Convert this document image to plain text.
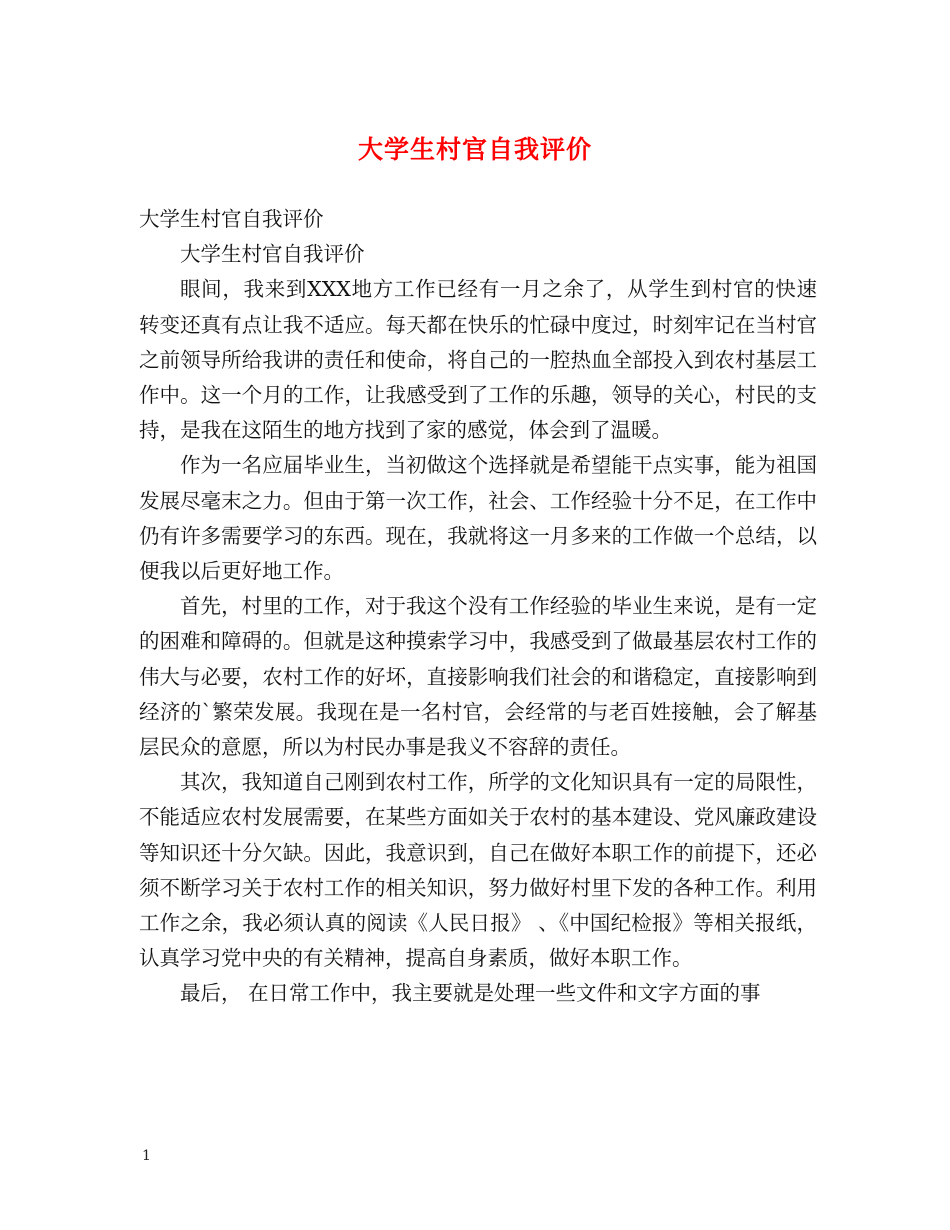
大学生村官自我评价

大学生村官自我评价

大学生村官自我评价

眼间，我来到XXX地方工作已经有一月之余了，从学生到村官的快速转变还真有点让我不适应。每天都在快乐的忙碌中度过，时刻牢记在当村官之前领导所给我讲的责任和使命，将自己的一腔热血全部投入到农村基层工作中。这一个月的工作，让我感受到了工作的乐趣，领导的关心，村民的支持，是我在这陌生的地方找到了家的感觉，体会到了温暖。

作为一名应届毕业生，当初做这个选择就是希望能干点实事，能为祖国发展尽毫末之力。但由于第一次工作，社会、工作经验十分不足，在工作中仍有许多需要学习的东西。现在，我就将这一月多来的工作做一个总结，以便我以后更好地工作。

首先，村里的工作，对于我这个没有工作经验的毕业生来说，是有一定的困难和障碍的。但就是这种摸索学习中，我感受到了做最基层农村工作的伟大与必要，农村工作的好坏，直接影响我们社会的和谐稳定，直接影响到经济的`繁荣发展。我现在是一名村官，会经常的与老百姓接触，会了解基层民众的意愿，所以为村民办事是我义不容辞的责任。

其次，我知道自己刚到农村工作，所学的文化知识具有一定的局限性，不能适应农村发展需要，在某些方面如关于农村的基本建设、党风廉政建设等知识还十分欠缺。因此，我意识到，自己在做好本职工作的前提下，还必须不断学习关于农村工作的相关知识，努力做好村里下发的各种工作。利用工作之余，我必须认真的阅读《人民日报》 、《中国纪检报》等相关报纸，认真学习党中央的有关精神，提高自身素质，做好本职工作。

最后， 在日常工作中，我主要就是处理一些文件和文字方面的事

1
